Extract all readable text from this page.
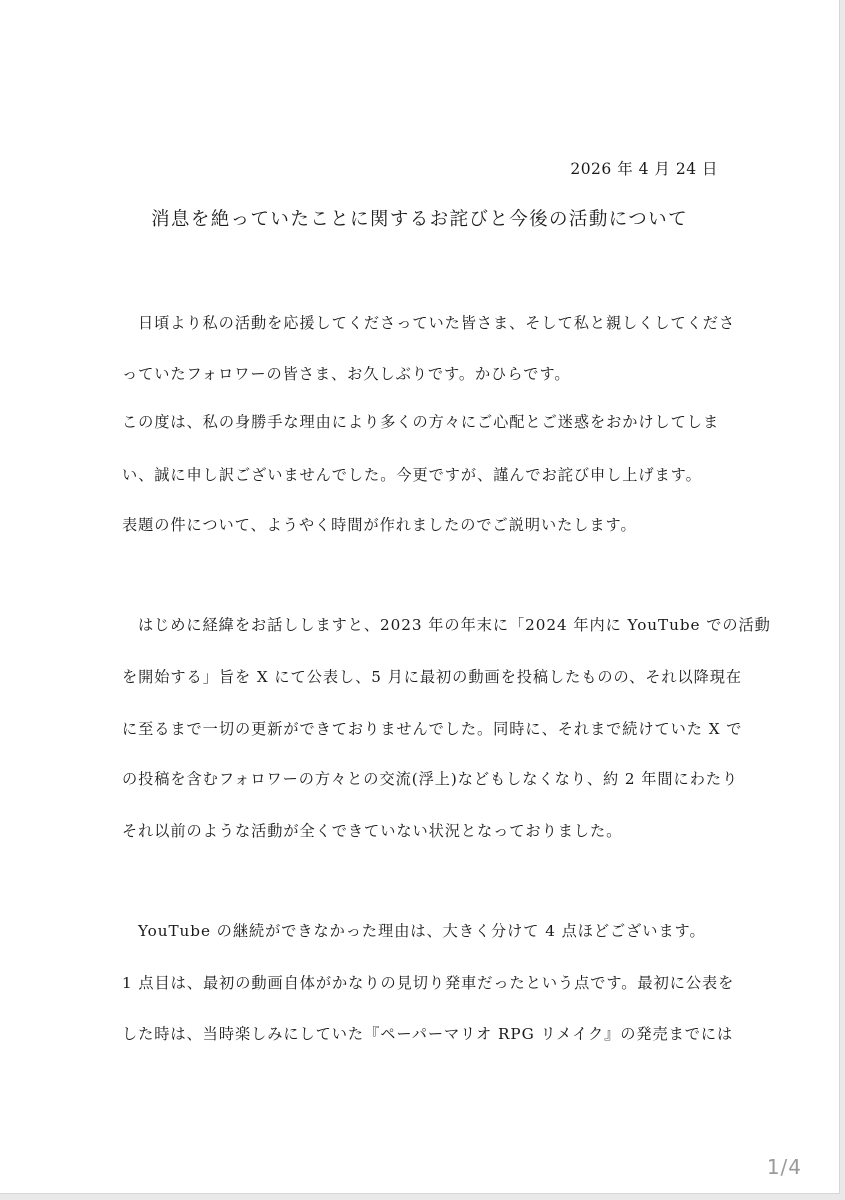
2026 年 4 月 24 日
消息を絶っていたことに関するお詫びと今後の活動について
日頃より私の活動を応援してくださっていた皆さま、そして私と親しくしてくださ
っていたフォロワーの皆さま、お久しぶりです。かひらです。
この度は、私の身勝手な理由により多くの方々にご心配とご迷惑をおかけしてしま
い、誠に申し訳ございませんでした。今更ですが、謹んでお詫び申し上げます。
表題の件について、ようやく時間が作れましたのでご説明いたします。
はじめに経緯をお話ししますと、2023 年の年末に「2024 年内に YouTube での活動
を開始する」旨を X にて公表し、5 月に最初の動画を投稿したものの、それ以降現在
に至るまで一切の更新ができておりませんでした。同時に、それまで続けていた X で
の投稿を含むフォロワーの方々との交流(浮上)などもしなくなり、約 2 年間にわたり
それ以前のような活動が全くできていない状況となっておりました。
YouTube の継続ができなかった理由は、大きく分けて 4 点ほどございます。
1 点目は、最初の動画自体がかなりの見切り発車だったという点です。最初に公表を
した時は、当時楽しみにしていた『ペーパーマリオ RPG リメイク』の発売までには
1/4
